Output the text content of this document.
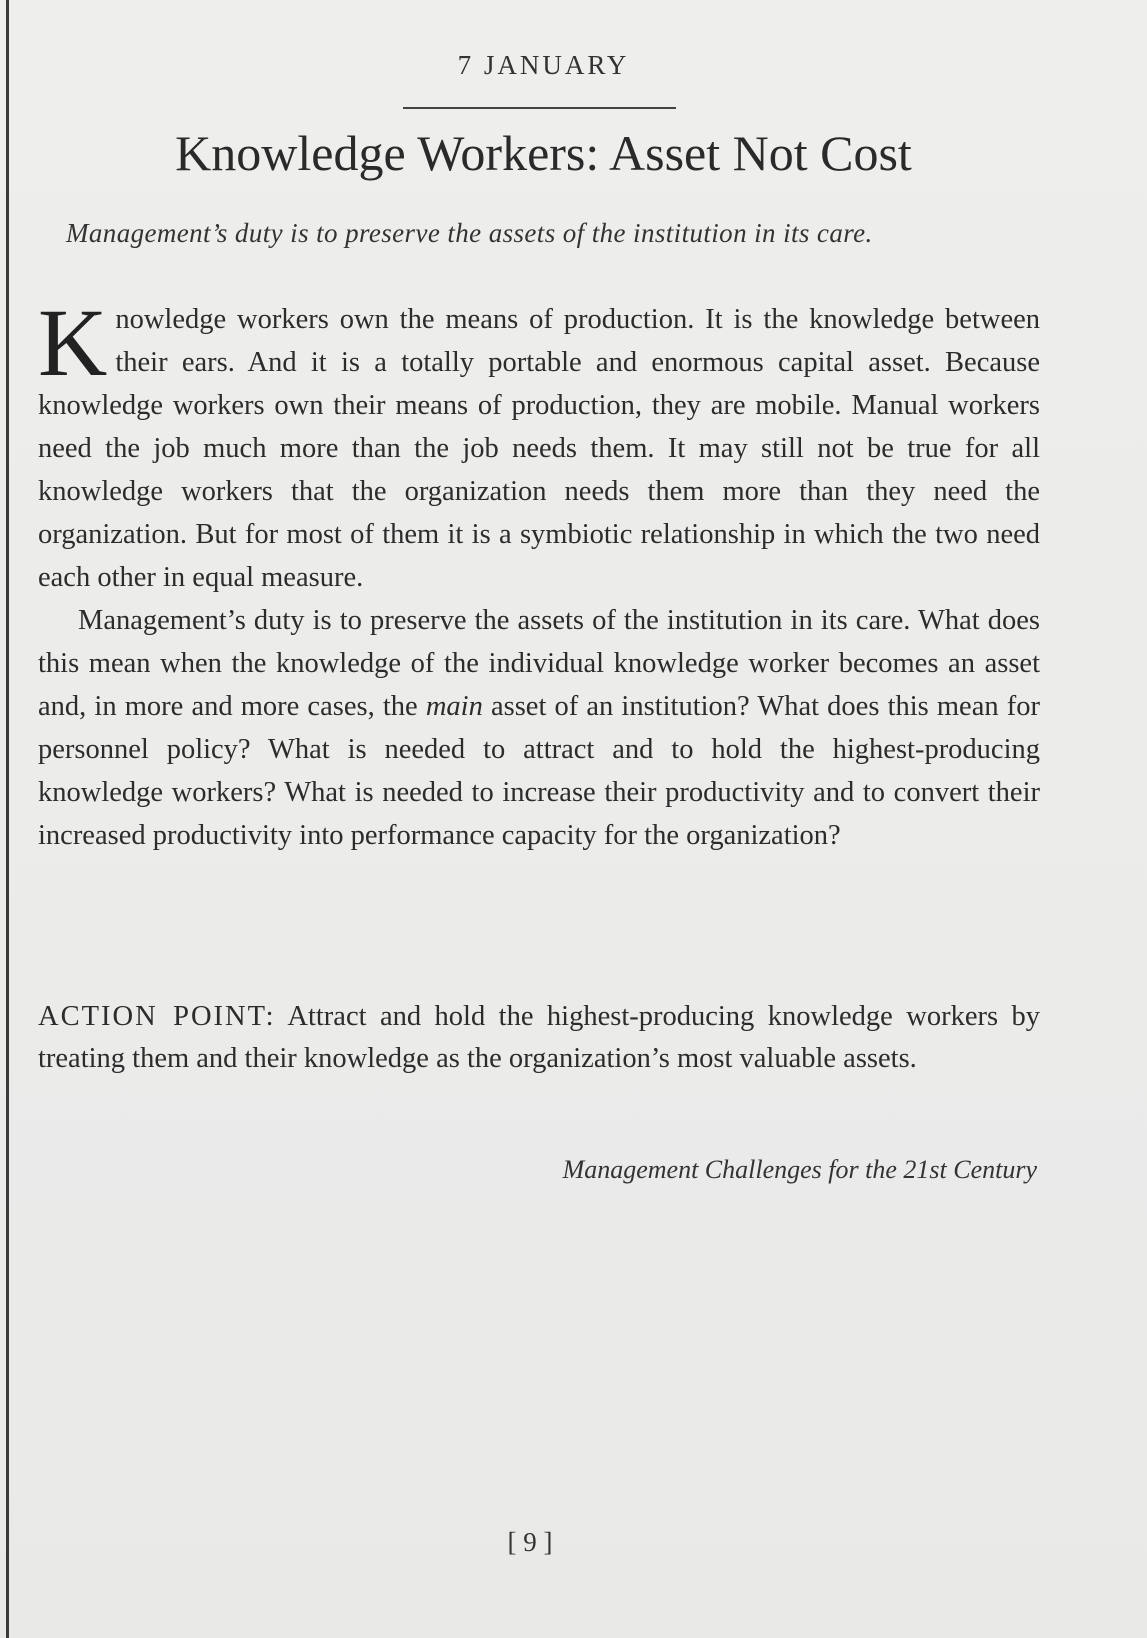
7 JANUARY
Knowledge Workers: Asset Not Cost

Management’s duty is to preserve the assets of the institution in its care.

Knowledge workers own the means of production. It is the knowledge between their ears. And it is a totally portable and enormous capital asset. Because knowledge workers own their means of production, they are mobile. Manual workers need the job much more than the job needs them. It may still not be true for all knowledge workers that the organization needs them more than they need the organization. But for most of them it is a symbiotic relationship in which the two need each other in equal measure.

Management’s duty is to preserve the assets of the institution in its care. What does this mean when the knowledge of the individual knowledge worker becomes an asset and, in more and more cases, the main asset of an institution? What does this mean for personnel policy? What is needed to attract and to hold the highest-producing knowledge workers? What is needed to increase their productivity and to convert their increased productivity into performance capacity for the organization?

ACTION POINT: Attract and hold the highest-producing knowledge workers by treating them and their knowledge as the organization’s most valuable assets.

Management Challenges for the 21st Century

[ 9 ]
